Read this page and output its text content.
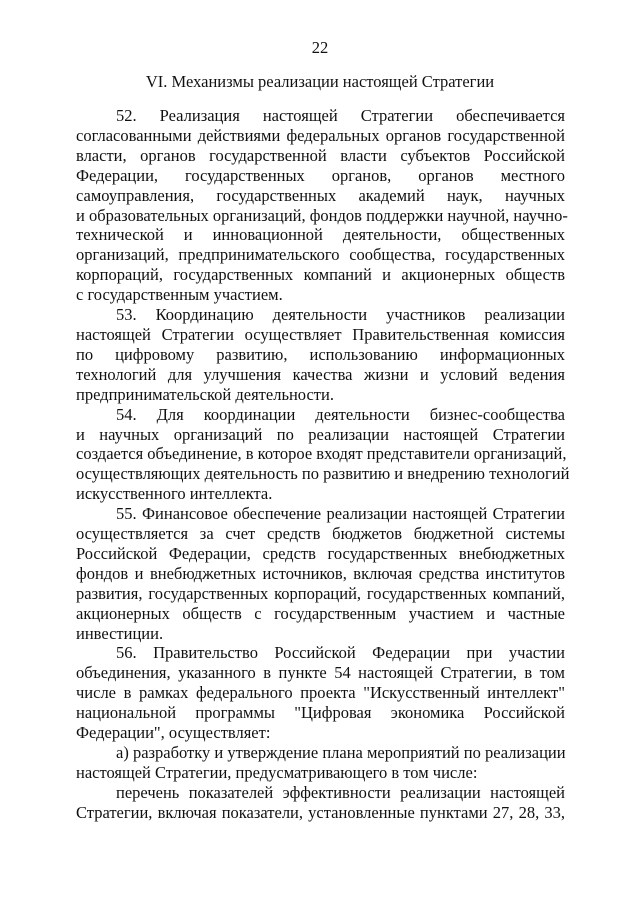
22
VI. Механизмы реализации настоящей Стратегии
52. Реализация настоящей Стратегии обеспечивается
согласованными действиями федеральных органов государственной
власти, органов государственной власти субъектов Российской
Федерации, государственных органов, органов местного
самоуправления, государственных академий наук, научных
и образовательных организаций, фондов поддержки научной, научно-
технической и инновационной деятельности, общественных
организаций, предпринимательского сообщества, государственных
корпораций, государственных компаний и акционерных обществ
с государственным участием.
53. Координацию деятельности участников реализации
настоящей Стратегии осуществляет Правительственная комиссия
по цифровому развитию, использованию информационных
технологий для улучшения качества жизни и условий ведения
предпринимательской деятельности.
54. Для координации деятельности бизнес-сообщества
и научных организаций по реализации настоящей Стратегии
создается объединение, в которое входят представители организаций,
осуществляющих деятельность по развитию и внедрению технологий
искусственного интеллекта.
55. Финансовое обеспечение реализации настоящей Стратегии
осуществляется за счет средств бюджетов бюджетной системы
Российской Федерации, средств государственных внебюджетных
фондов и внебюджетных источников, включая средства институтов
развития, государственных корпораций, государственных компаний,
акционерных обществ с государственным участием и частные
инвестиции.
56. Правительство Российской Федерации при участии
объединения, указанного в пункте 54 настоящей Стратегии, в том
числе в рамках федерального проекта "Искусственный интеллект"
национальной программы "Цифровая экономика Российской
Федерации", осуществляет:
а) разработку и утверждение плана мероприятий по реализации
настоящей Стратегии, предусматривающего в том числе:
перечень показателей эффективности реализации настоящей
Стратегии, включая показатели, установленные пунктами 27, 28, 33,
